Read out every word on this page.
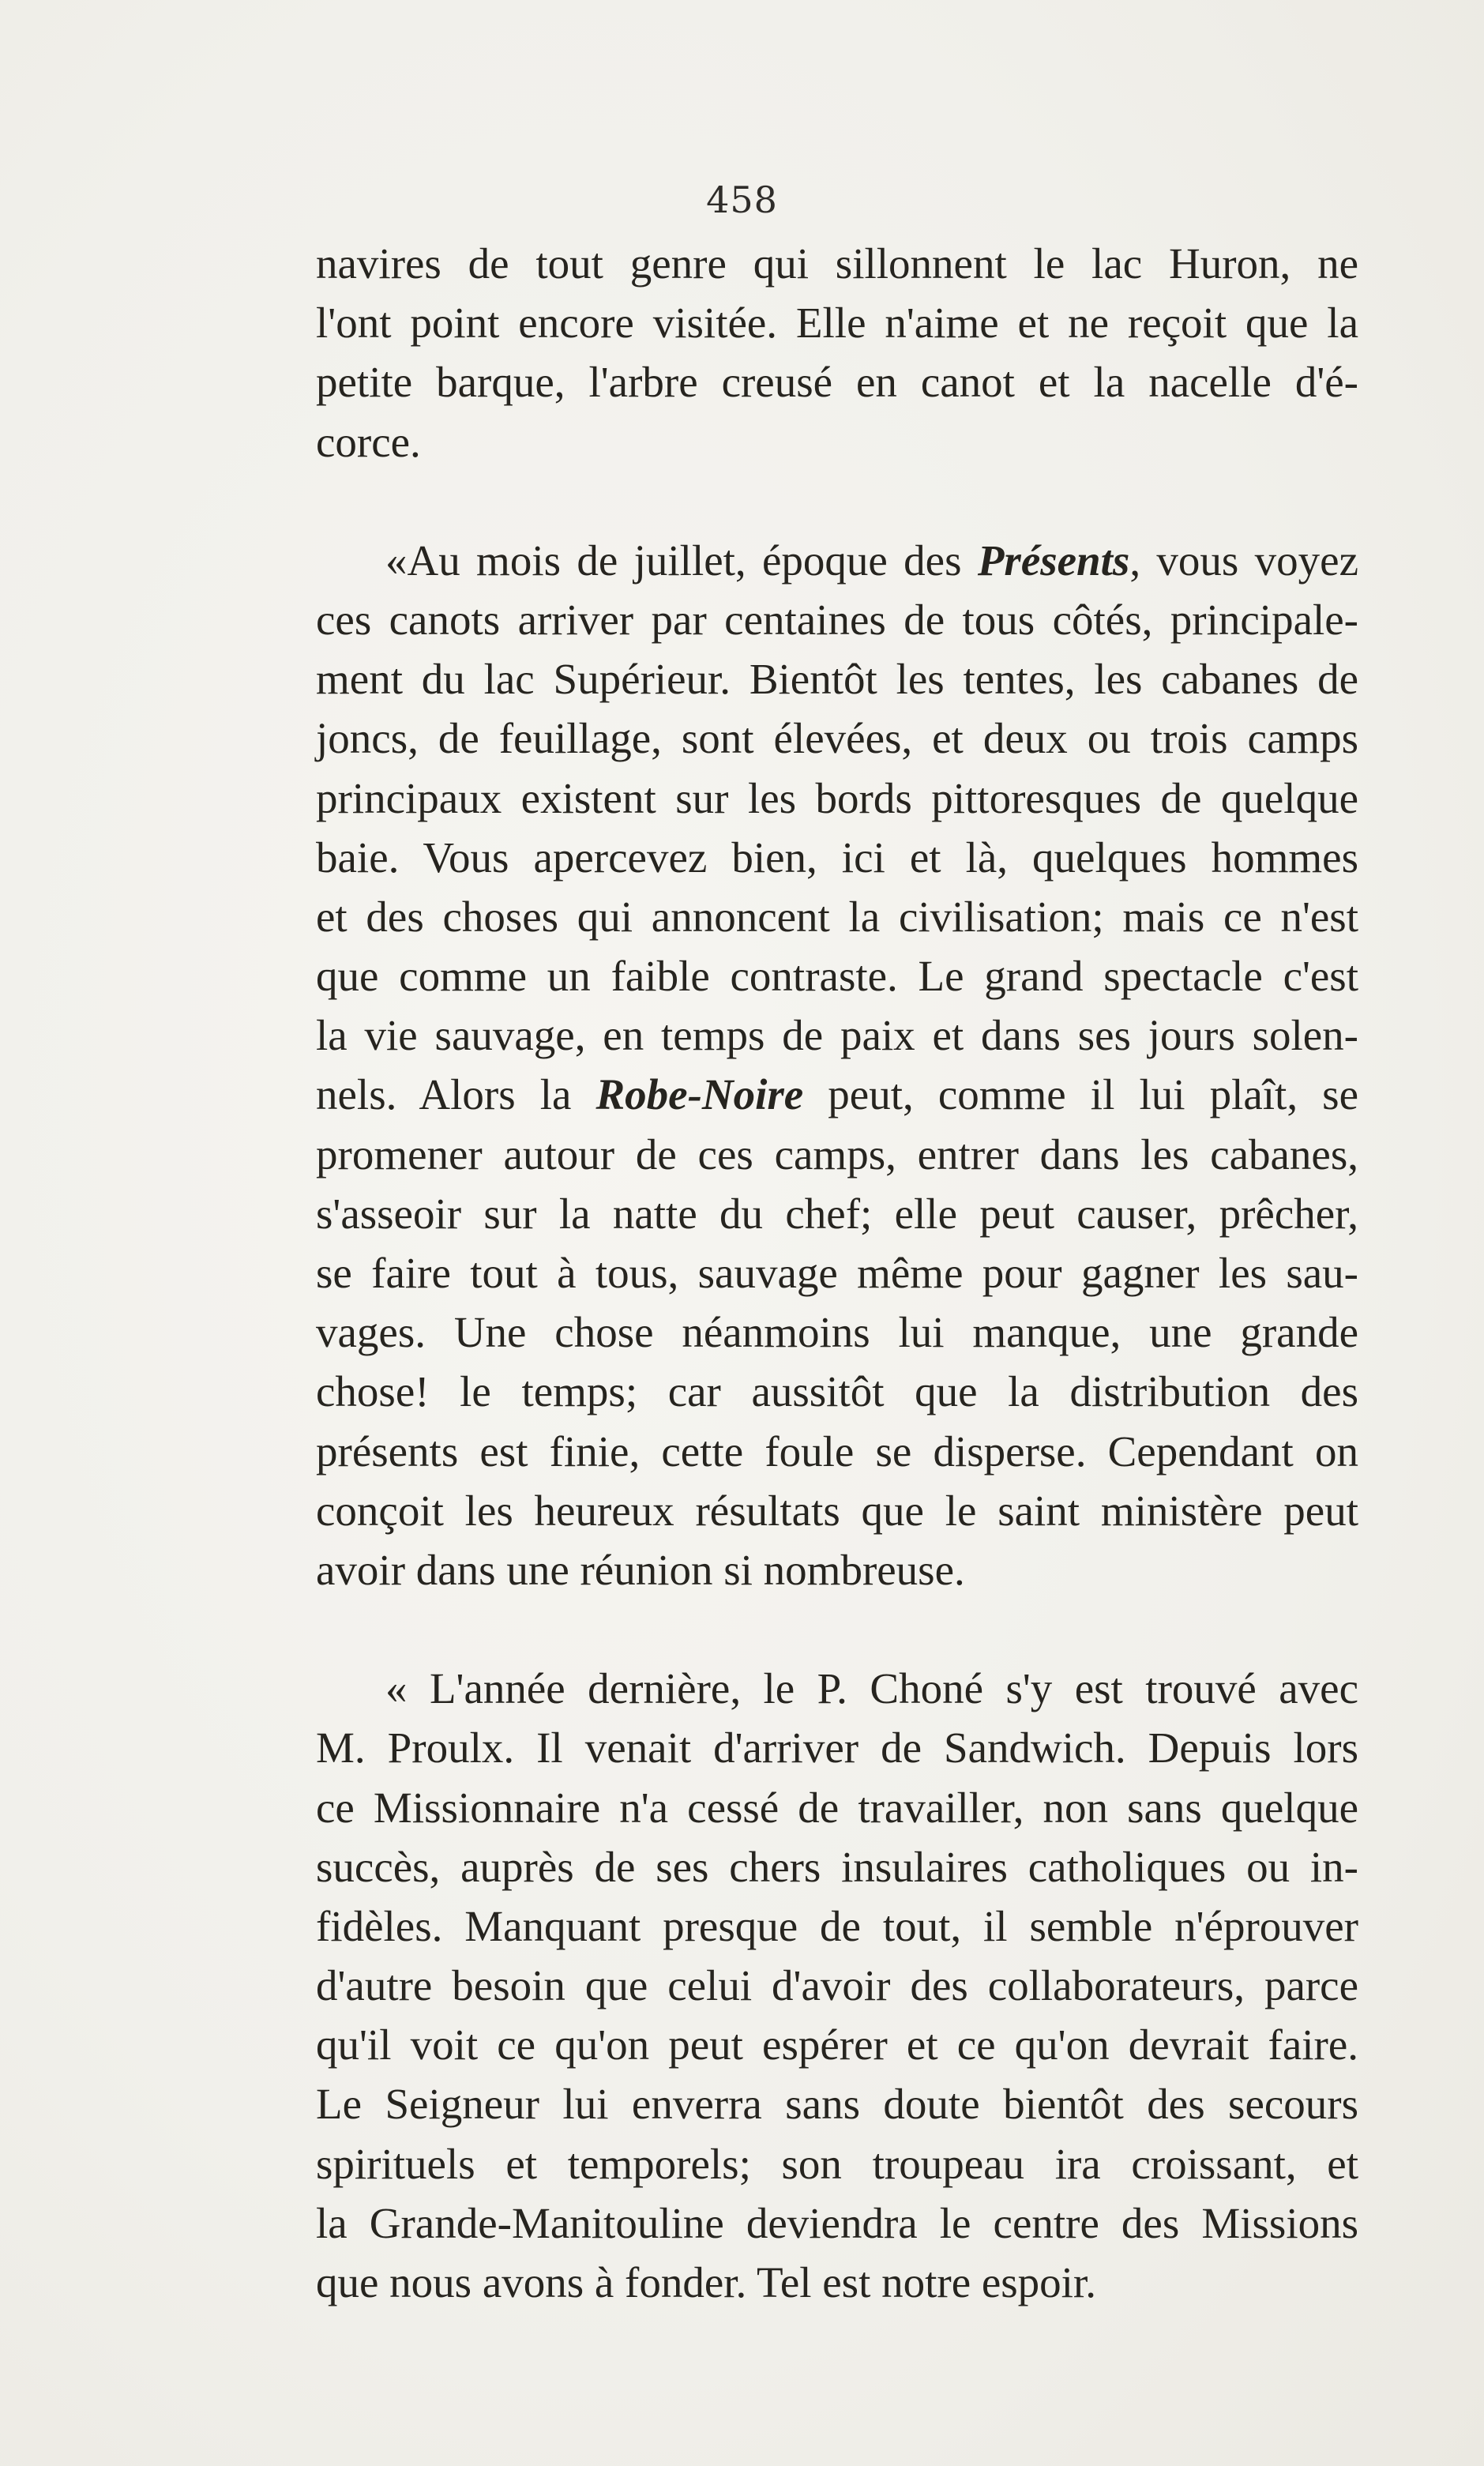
458

navires de tout genre qui sillonnent le lac Huron, ne
l'ont point encore visitée. Elle n'aime et ne reçoit que la
petite barque, l'arbre creusé en canot et la nacelle d'é-
corce.

«Au mois de juillet, époque des Présents, vous voyez
ces canots arriver par centaines de tous côtés, principale-
ment du lac Supérieur. Bientôt les tentes, les cabanes de
joncs, de feuillage, sont élevées, et deux ou trois camps
principaux existent sur les bords pittoresques de quelque
baie. Vous apercevez bien, ici et là, quelques hommes
et des choses qui annoncent la civilisation; mais ce n'est
que comme un faible contraste. Le grand spectacle c'est
la vie sauvage, en temps de paix et dans ses jours solen-
nels. Alors la Robe-Noire peut, comme il lui plaît, se
promener autour de ces camps, entrer dans les cabanes,
s'asseoir sur la natte du chef; elle peut causer, prêcher,
se faire tout à tous, sauvage même pour gagner les sau-
vages. Une chose néanmoins lui manque, une grande
chose! le temps; car aussitôt que la distribution des
présents est finie, cette foule se disperse. Cependant on
conçoit les heureux résultats que le saint ministère peut
avoir dans une réunion si nombreuse.

« L'année dernière, le P. Choné s'y est trouvé avec
M. Proulx. Il venait d'arriver de Sandwich. Depuis lors
ce Missionnaire n'a cessé de travailler, non sans quelque
succès, auprès de ses chers insulaires catholiques ou in-
fidèles. Manquant presque de tout, il semble n'éprouver
d'autre besoin que celui d'avoir des collaborateurs, parce
qu'il voit ce qu'on peut espérer et ce qu'on devrait faire.
Le Seigneur lui enverra sans doute bientôt des secours
spirituels et temporels; son troupeau ira croissant, et
la Grande-Manitouline deviendra le centre des Missions
que nous avons à fonder. Tel est notre espoir.
